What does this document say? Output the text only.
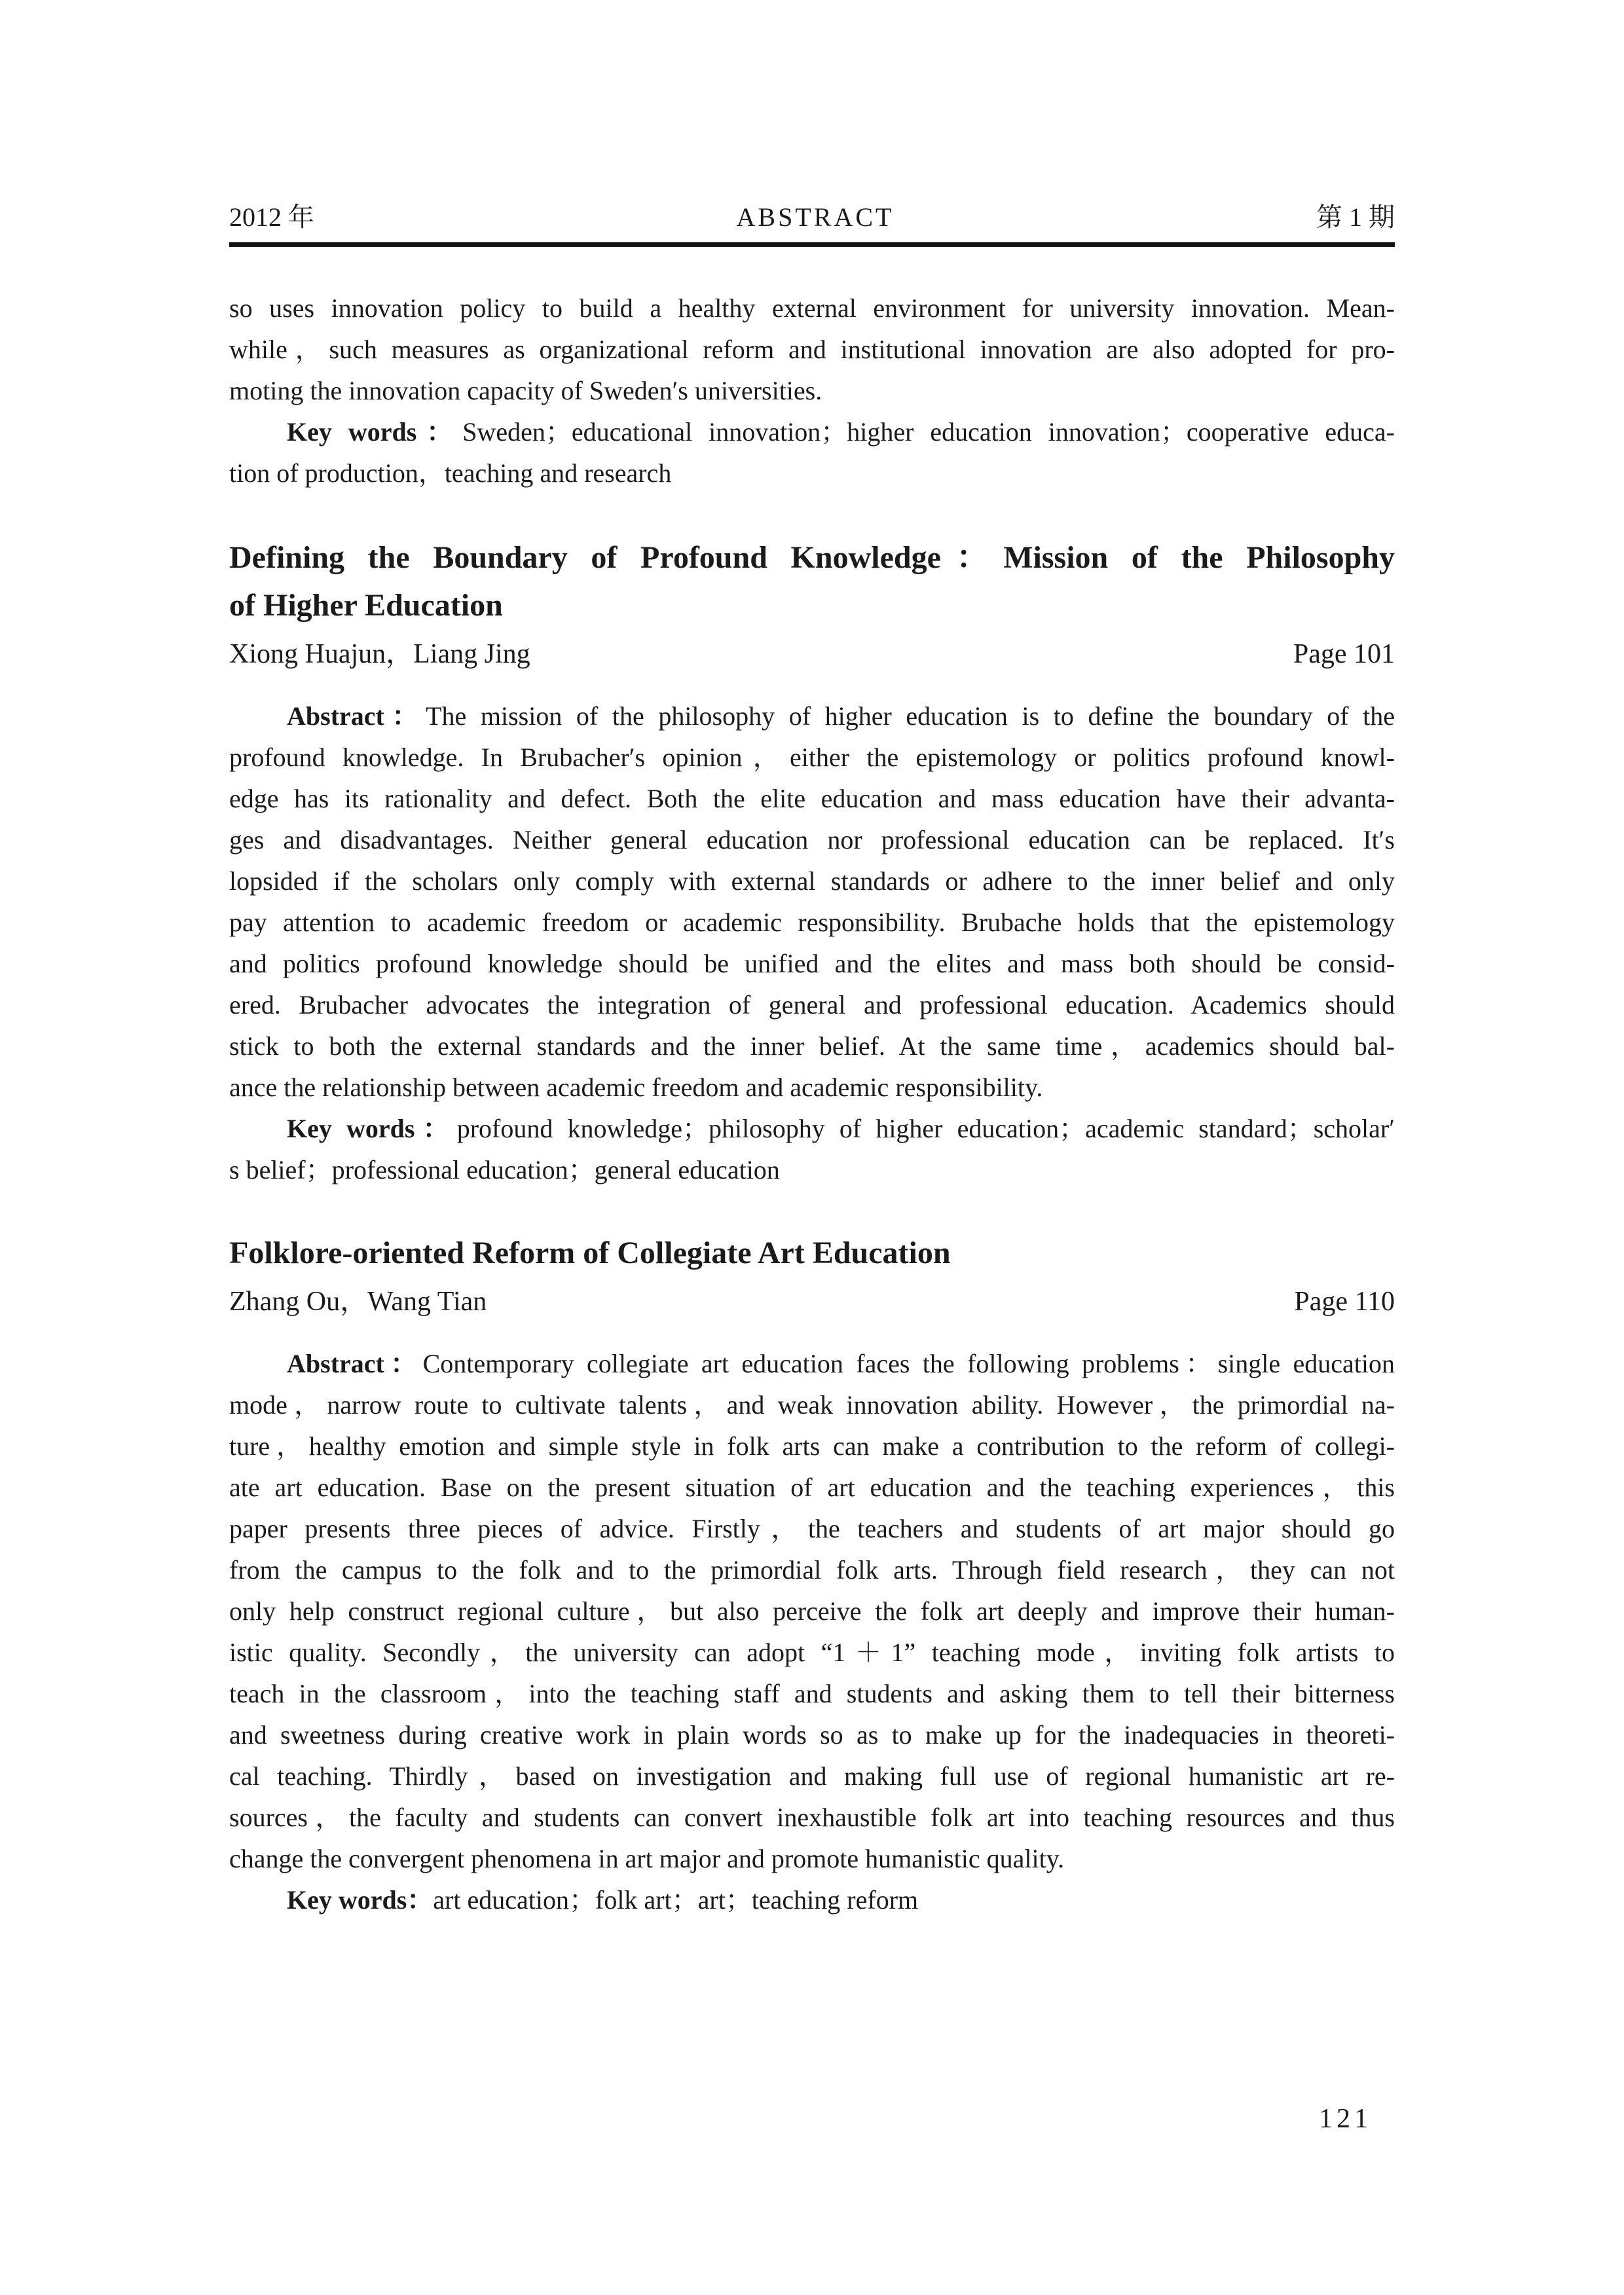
2012 年	ABSTRACT	第 1 期
so uses innovation policy to build a healthy external environment for university innovation. Mean-
while，such measures as organizational reform and institutional innovation are also adopted for pro-
moting the innovation capacity of Sweden′s universities.
Key words：Sweden；educational innovation；higher education innovation；cooperative educa-
tion of production，teaching and research
Defining the Boundary of Profound Knowledge：Mission of the Philosophy
of Higher Education
Xiong Huajun，Liang Jing	Page 101
Abstract：The mission of the philosophy of higher education is to define the boundary of the
profound knowledge. In Brubacher′s opinion，either the epistemology or politics profound knowl-
edge has its rationality and defect. Both the elite education and mass education have their advanta-
ges and disadvantages. Neither general education nor professional education can be replaced. It′s
lopsided if the scholars only comply with external standards or adhere to the inner belief and only
pay attention to academic freedom or academic responsibility. Brubache holds that the epistemology
and politics profound knowledge should be unified and the elites and mass both should be consid-
ered. Brubacher advocates the integration of general and professional education. Academics should
stick to both the external standards and the inner belief. At the same time，academics should bal-
ance the relationship between academic freedom and academic responsibility.
Key words：profound knowledge；philosophy of higher education；academic standard；scholar′
s belief；professional education；general education
Folklore-oriented Reform of Collegiate Art Education
Zhang Ou，Wang Tian	Page 110
Abstract：Contemporary collegiate art education faces the following problems：single education
mode，narrow route to cultivate talents，and weak innovation ability. However，the primordial na-
ture，healthy emotion and simple style in folk arts can make a contribution to the reform of collegi-
ate art education. Base on the present situation of art education and the teaching experiences，this
paper presents three pieces of advice. Firstly，the teachers and students of art major should go
from the campus to the folk and to the primordial folk arts. Through field research，they can not
only help construct regional culture，but also perceive the folk art deeply and improve their human-
istic quality. Secondly，the university can adopt “1＋1” teaching mode，inviting folk artists to
teach in the classroom，into the teaching staff and students and asking them to tell their bitterness
and sweetness during creative work in plain words so as to make up for the inadequacies in theoreti-
cal teaching. Thirdly，based on investigation and making full use of regional humanistic art re-
sources，the faculty and students can convert inexhaustible folk art into teaching resources and thus
change the convergent phenomena in art major and promote humanistic quality.
Key words：art education；folk art；art；teaching reform
121
